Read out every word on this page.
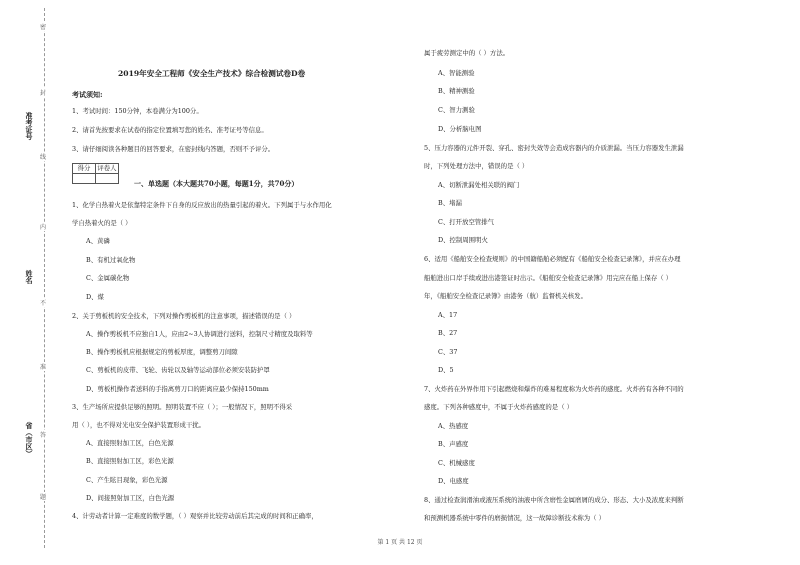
准考证号
姓名
省（市区）
密
封
线
内
不
准
答
题
2019年安全工程师《安全生产技术》综合检测试卷D卷
考试须知:
1、考试时间：150分钟，本卷满分为100分。
2、请首先按要求在试卷的指定位置填写您的姓名、准考证号等信息。
3、请仔细阅读各种题目的回答要求，在密封线内答题，否则不予评分。
得分	评卷人

一、单选题（本大题共70小题，每题1分，共70分）
1、化学自热着火是依靠特定条件下自身的反应放出的热量引起的着火。下列属于与水作用化
学自热着火的是（ ）
A、黄磷
B、有机过氧化物
C、金属碳化物
D、煤
2、关于剪板机的安全技术，下列对操作剪板机的注意事项，描述错误的是（ ）
A、操作剪板机不应独自1人，应由2~3人协调进行送料，控制尺寸精度及取料等
B、操作剪板机应根据规定的剪板厚度，调整剪刀间隙
C、剪板机的皮带、飞轮、齿轮以及轴等运动部位必须安装防护罩
D、剪板机操作者送料的手指离剪刀口的距离应最少保持150mm
3、生产场所应提供足够的照明。照明装置不应（ ）；一般情况下，照明不得采
用（ ），也不得对光电安全保护装置形成干扰。
A、直接照射加工区，白色光源
B、直接照射加工区，彩色光源
C、产生眩目现象，彩色光源
D、间接照射加工区，白色光源
4、计劳动者计算一定难度的数学题，（ ）观察并比较劳动前后其完成的时间和正确率，
属于疲劳测定中的（ ）方法。
A、智能测验
B、精神测验
C、智力测验
D、分析脑电图
5、压力容器的元件开裂、穿孔、密封失效等会造成容器内的介质泄漏。当压力容器发生泄漏
时，下列处理方法中，错误的是（ ）
A、切断泄漏处相关联的阀门
B、堵漏
C、打开放空管排气
D、控制周围明火
6、适用《船舶安全检查规则》的中国籍船舶必须配有《船舶安全检查记录簿》，并应在办理
船舶进出口岸手续或进出港签证时出示。《船舶安全检查记录簿》用完应在船上保存（ ）
年，《船舶安全检查记录簿》由港务（航）监督机关核发。
A、17
B、27
C、37
D、5
7、火炸药在外界作用下引起燃烧和爆炸的难易程度称为火炸药的感度。火炸药有各种不同的
感度。下列各种感度中，不属于火炸药感度的是（ ）
A、热感度
B、声感度
C、机械感度
D、电感度
8、通过检查润滑油或液压系统的油液中所含磨性金属磨屑的成分、形态、大小及浓度来判断
和预测机器系统中零件的磨损情况，这一故障诊断技术称为（ ）
第 1 页 共 12 页
